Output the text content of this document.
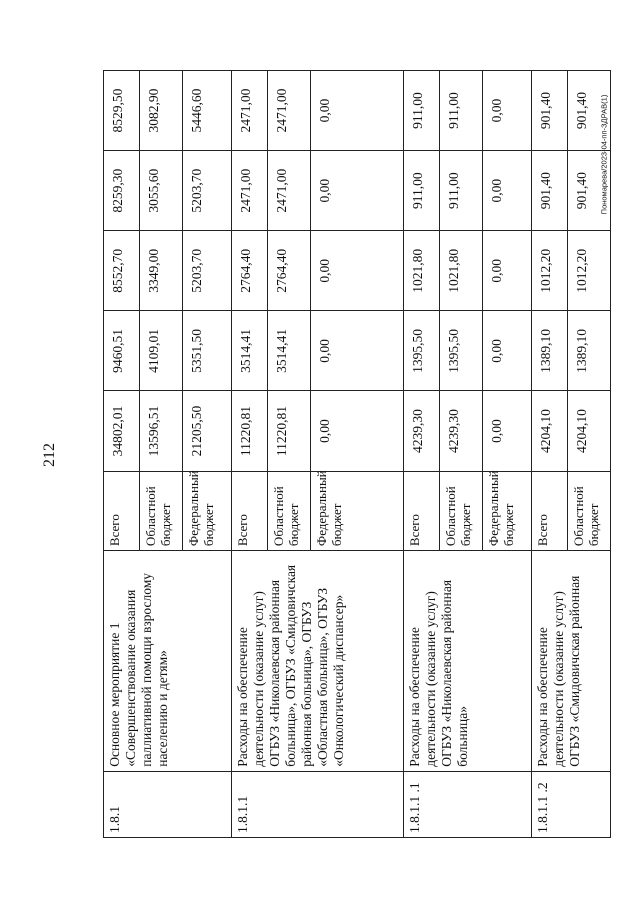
212
Пономарева/2023-04-пп-ЗДРАВ(1)
1.8.1	Основное мероприятие 1 «Совершенствование оказания паллиативной помощи взрослому населению и детям»	Всего	34802,01	9460,51	8552,70	8259,30	8529,50
		Областной бюджет	13596,51	4109,01	3349,00	3055,60	3082,90
		Федеральный бюджет	21205,50	5351,50	5203,70	5203,70	5446,60
1.8.1.1	Расходы на обеспечение деятельности (оказание услуг) ОГБУЗ «Николаевская районная больница», ОГБУЗ «Смидовичская районная больница», ОГБУЗ «Областная больница», ОГБУЗ «Онкологический диспансер»	Всего	11220,81	3514,41	2764,40	2471,00	2471,00
		Областной бюджет	11220,81	3514,41	2764,40	2471,00	2471,00
		Федеральный бюджет	0,00	0,00	0,00	0,00	0,00
1.8.1.1 .1	Расходы на обеспечение деятельности (оказание услуг) ОГБУЗ «Николаевская районная больница»	Всего	4239,30	1395,50	1021,80	911,00	911,00
		Областной бюджет	4239,30	1395,50	1021,80	911,00	911,00
		Федеральный бюджет	0,00	0,00	0,00	0,00	0,00
1.8.1.1 .2	Расходы на обеспечение деятельности (оказание услуг) ОГБУЗ «Смидовичская районная	Всего	4204,10	1389,10	1012,20	901,40	901,40
		Областной бюджет	4204,10	1389,10	1012,20	901,40	901,40
